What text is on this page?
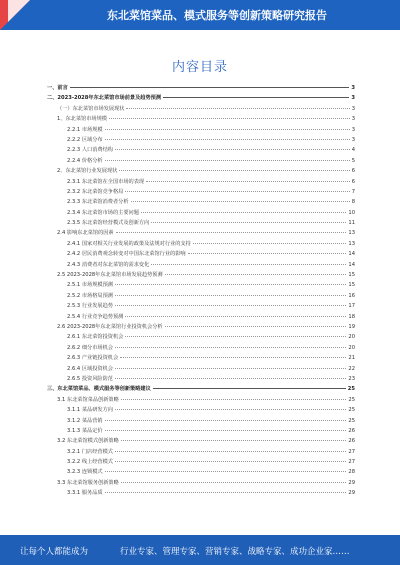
东北菜馆菜品、模式服务等创新策略研究报告
内容目录
一、前言	3
二、2023-2028年东北菜馆市场前景及趋势预测	3
（一）东北菜馆市场发展现状	3
1、东北菜馆市场规模	3
2.2.1 市场规模	3
2.2.2 区域分布	3
2.2.3 人口消费结构	4
2.2.4 价格分析	5
2、东北菜馆行业发展现状	6
2.3.1 东北菜馆在全国市场的表现	6
2.3.2 东北菜馆竞争格局	7
2.3.3 东北菜馆消费者分析	8
2.3.4 东北菜馆市场的主要问题	10
2.3.5 东北菜馆经营模式及创新方向	11
2.4 影响东北菜馆的因素	13
2.4.1 国家对相关行业发展的政策及法规对行业的支持	13
2.4.2 居民消费观念转变对中国东北菜馆行业的影响	14
2.4.3 消费者对东北菜馆的需求变化	14
2.5 2023-2028年东北菜馆市场发展趋势预测	15
2.5.1 市场规模预测	15
2.5.2 市场格局预测	16
2.5.3 行业发展趋势	17
2.5.4 行业竞争趋势预测	18
2.6 2023-2028年东北菜馆行业投资机会分析	19
2.6.1 东北菜馆投资机会	20
2.6.2 细分市场机会	20
2.6.3 产业链投资机会	21
2.6.4 区域投资机会	22
2.6.5 投资风险防范	23
三、东北菜馆菜品、模式服务等创新策略建议	25
3.1 东北菜馆菜品创新策略	25
3.1.1 菜品研发方向	25
3.1.2 菜品营销	25
3.1.3 菜品定价	26
3.2 东北菜馆模式创新策略	26
3.2.1 门店经营模式	27
3.2.2 线上经营模式	27
3.2.3 连锁模式	28
3.3 东北菜馆服务创新策略	29
3.3.1 服务品质	29
让每个人都能成为	行业专家、管理专家、营销专家、战略专家、成功企业家……
